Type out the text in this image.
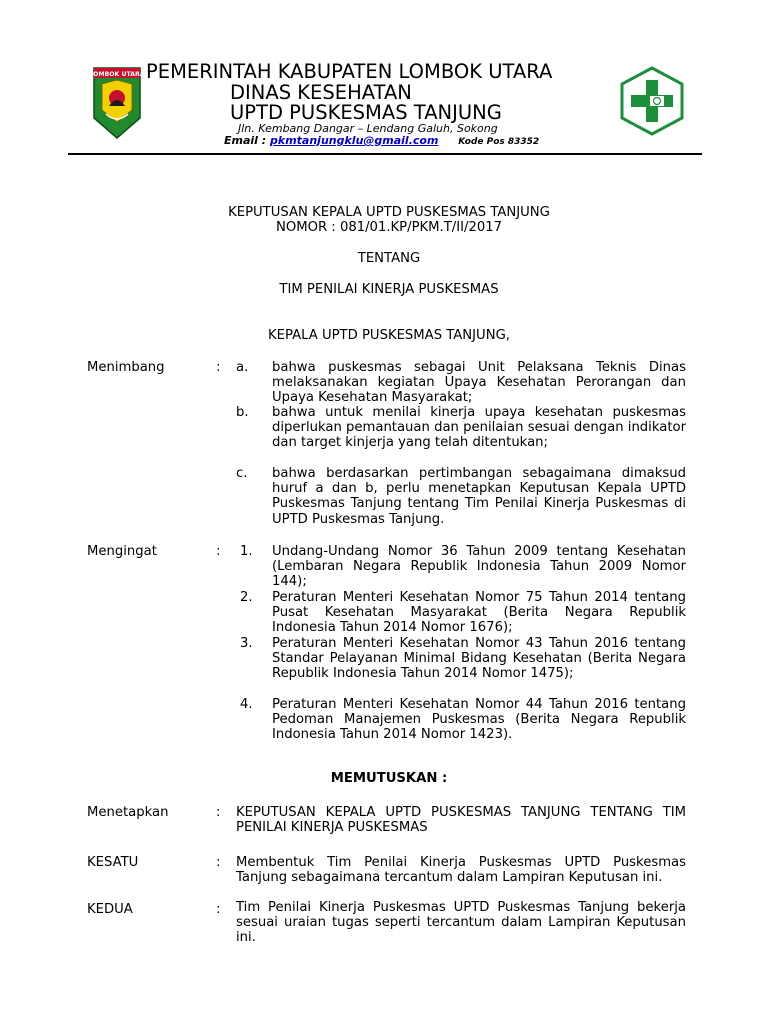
LOMBOK UTARA PEMERINTAH KABUPATEN LOMBOK UTARA
DINAS KESEHATAN
UPTD PUSKESMAS TANJUNG
Jln. Kembang Dangar – Lendang Galuh, Sokong
Email : pkmtanjungklu@gmail.com Kode Pos 83352
KEPUTUSAN KEPALA UPTD PUSKESMAS TANJUNG
NOMOR : 081/01.KP/PKM.T/II/2017
TENTANG
TIM PENILAI KINERJA PUSKESMAS
KEPALA UPTD PUSKESMAS TANJUNG,
Menimbang	: a. bahwa puskesmas sebagai Unit Pelaksana Teknis Dinas melaksanakan kegiatan Upaya Kesehatan Perorangan dan Upaya Kesehatan Masyarakat;
b. bahwa untuk menilai kinerja upaya kesehatan puskesmas diperlukan pemantauan dan penilaian sesuai dengan indikator dan target kinjerja yang telah ditentukan;
c. bahwa berdasarkan pertimbangan sebagaimana dimaksud huruf a dan b, perlu menetapkan Keputusan Kepala UPTD Puskesmas Tanjung tentang Tim Penilai Kinerja Puskesmas di UPTD Puskesmas Tanjung.
Mengingat	: 1. Undang-Undang Nomor 36 Tahun 2009 tentang Kesehatan (Lembaran Negara Republik Indonesia Tahun 2009 Nomor 144);
2. Peraturan Menteri Kesehatan Nomor 75 Tahun 2014 tentang Pusat Kesehatan Masyarakat (Berita Negara Republik Indonesia Tahun 2014 Nomor 1676);
3. Peraturan Menteri Kesehatan Nomor 43 Tahun 2016 tentang Standar Pelayanan Minimal Bidang Kesehatan (Berita Negara Republik Indonesia Tahun 2014 Nomor 1475);
4. Peraturan Menteri Kesehatan Nomor 44 Tahun 2016 tentang Pedoman Manajemen Puskesmas (Berita Negara Republik Indonesia Tahun 2014 Nomor 1423).
MEMUTUSKAN :
Menetapkan	: KEPUTUSAN KEPALA UPTD PUSKESMAS TANJUNG TENTANG TIM PENILAI KINERJA PUSKESMAS
KESATU	: Membentuk Tim Penilai Kinerja Puskesmas UPTD Puskesmas Tanjung sebagaimana tercantum dalam Lampiran Keputusan ini.
KEDUA	: Tim Penilai Kinerja Puskesmas UPTD Puskesmas Tanjung bekerja sesuai uraian tugas seperti tercantum dalam Lampiran Keputusan ini.
